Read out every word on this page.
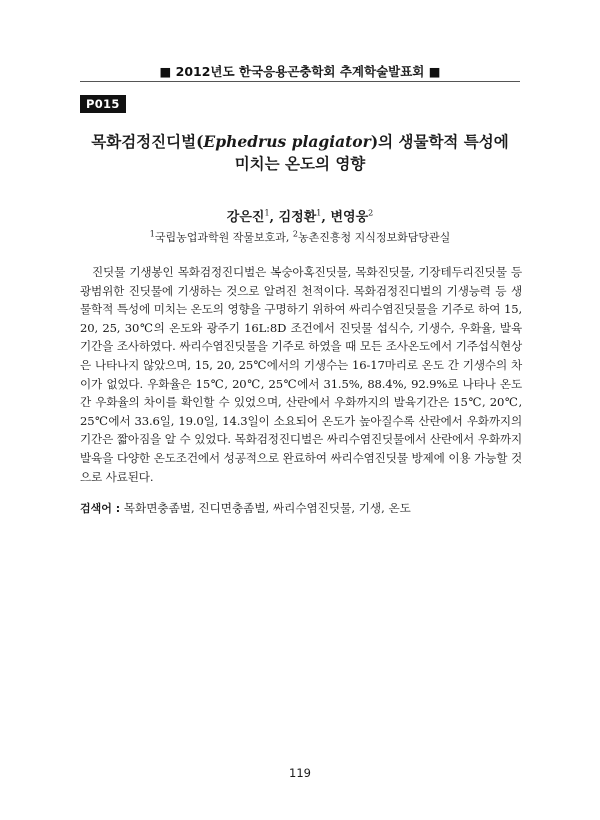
■ 2012년도 한국응용곤충학회 추계학술발표회 ■
P015
목화검정진디벌(Ephedrus plagiator)의 생물학적 특성에
미치는 온도의 영향
강은진$^1$, 김정환$^1$, 변영웅$^2$
$^1$국립농업과학원 작물보호과, $^2$농촌진흥청 지식정보화담당관실

진딧물 기생봉인 목화검정진디벌은 복숭아혹진딧물, 목화진딧물, 기장테두리진딧물 등 광범위한 진딧물에 기생하는 것으로 알려진 천적이다. 목화검정진디벌의 기생능력 등 생물학적 특성에 미치는 온도의 영향을 구명하기 위하여 싸리수염진딧물을 기주로 하여 15, 20, 25, 30℃의 온도와 광주기 16L:8D 조건에서 진딧물 섭식수, 기생수, 우화율, 발육기간을 조사하였다. 싸리수염진딧물을 기주로 하였을 때 모든 조사온도에서 기주섭식현상은 나타나지 않았으며, 15, 20, 25℃에서의 기생수는 16-17마리로 온도 간 기생수의 차이가 없었다. 우화율은 15℃, 20℃, 25℃에서 31.5%, 88.4%, 92.9%로 나타나 온도 간 우화율의 차이를 확인할 수 있었으며, 산란에서 우화까지의 발육기간은 15℃, 20℃, 25℃에서 33.6일, 19.0일, 14.3일이 소요되어 온도가 높아질수록 산란에서 우화까지의 기간은 짧아짐을 알 수 있었다. 목화검정진디벌은 싸리수염진딧물에서 산란에서 우화까지 발육을 다양한 온도조건에서 성공적으로 완료하여 싸리수염진딧물 방제에 이용 가능할 것으로 사료된다.

검색어 : 목화면충좀벌, 진디면충좀벌, 싸리수염진딧물, 기생, 온도
119
